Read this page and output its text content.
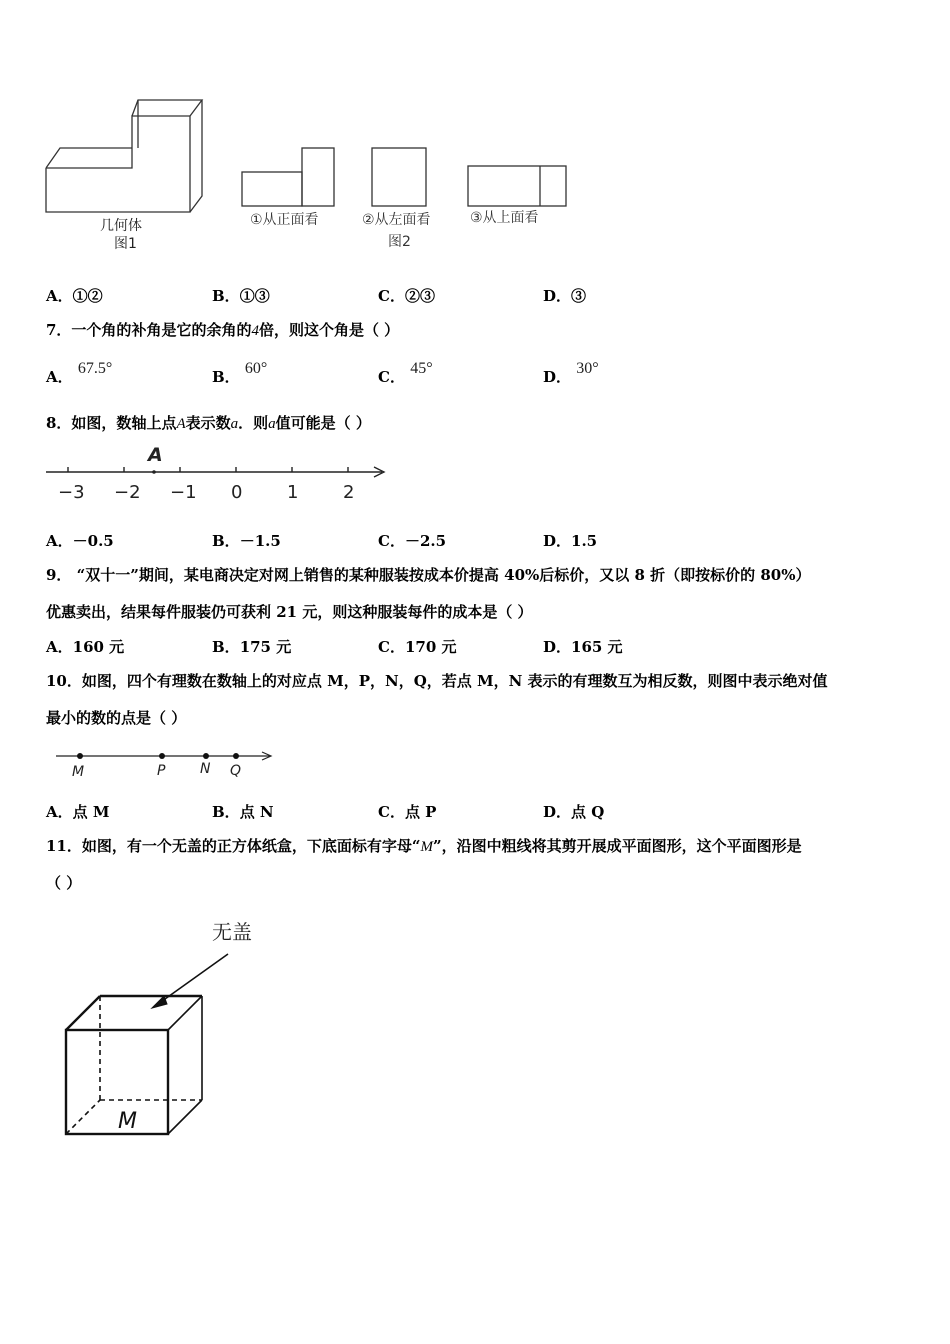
几何体
图1
①从正面看	②从左面看	③从上面看
图2
A．①②	B．①③	C．②③	D．③
7．一个角的补角是它的余角的4倍，则这个角是（ ）
A． 67.5°	B． 60°	C． 45°	D． 30°
8．如图，数轴上点A表示数a．则a值可能是（ ）
A
−3 −2 −1 0 1 2
A．－0.5	B．－1.5	C．－2.5	D．1.5
9． “双十一”期间，某电商决定对网上销售的某种服装按成本价提高 40%后标价，又以 8 折（即按标价的 80%）
优惠卖出，结果每件服装仍可获利 21 元，则这种服装每件的成本是（ ）
A．160 元	B．175 元	C．170 元	D．165 元
10．如图，四个有理数在数轴上的对应点 M，P，N，Q，若点 M，N 表示的有理数互为相反数，则图中表示绝对值
最小的数的点是（ ）
M	P N Q
A．点 M	B．点 N	C．点 P	D．点 Q
11．如图，有一个无盖的正方体纸盒，下底面标有字母“M”，沿图中粗线将其剪开展成平面图形，这个平面图形是
（ ）
无盖
M
